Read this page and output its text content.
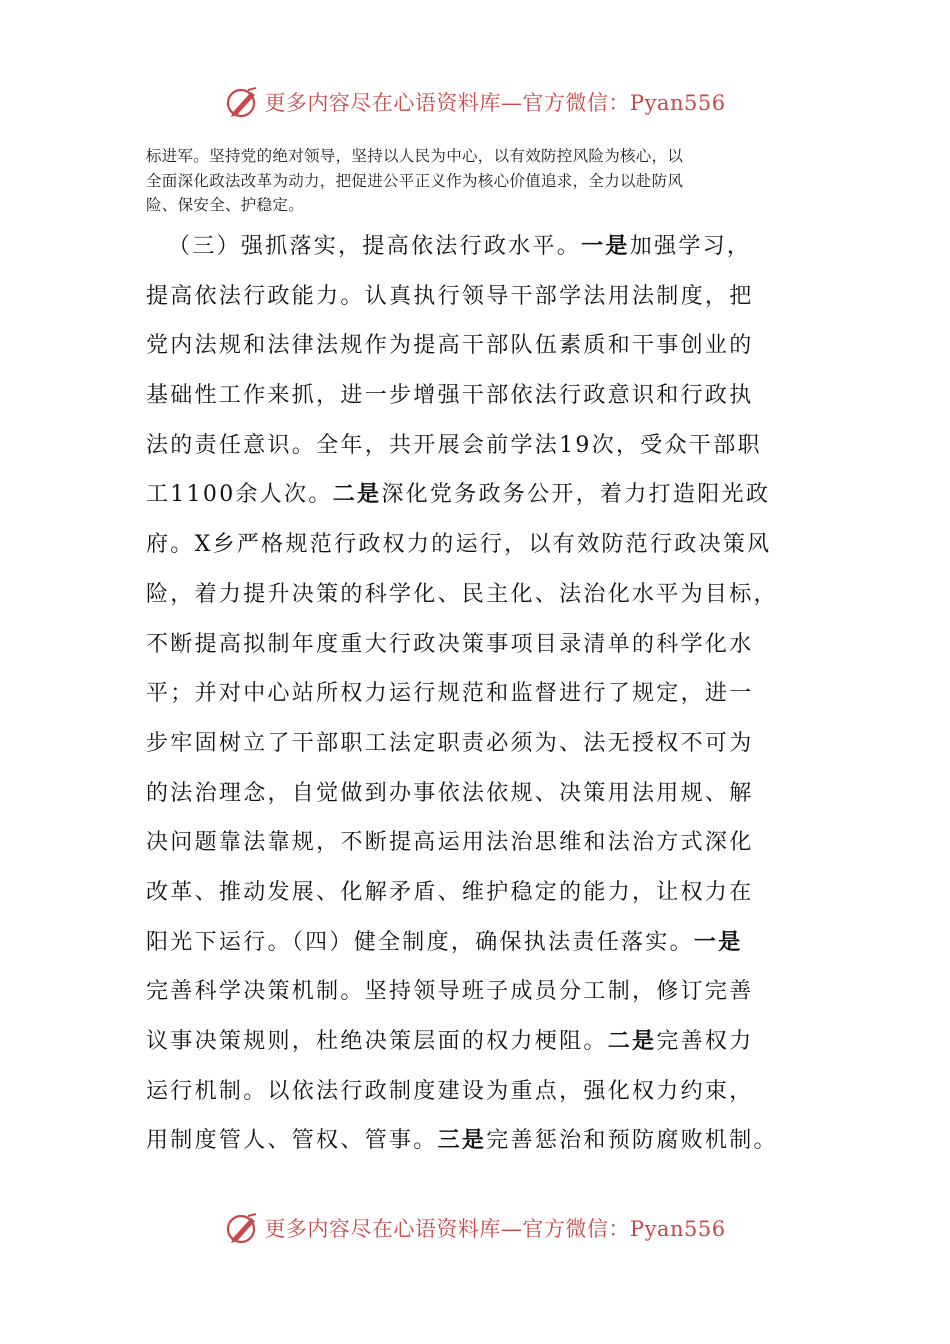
更多内容尽在心语资料库—官方微信：Pyan556
标进军。坚持党的绝对领导，坚持以人民为中心，以有效防控风险为核心，以
全面深化政法改革为动力，把促进公平正义作为核心价值追求，全力以赴防风
险、保安全、护稳定。
（三）强抓落实，提高依法行政水平。一是加强学习，
提高依法行政能力。认真执行领导干部学法用法制度，把
党内法规和法律法规作为提高干部队伍素质和干事创业的
基础性工作来抓，进一步增强干部依法行政意识和行政执
法的责任意识。全年，共开展会前学法19次，受众干部职
工1100余人次。二是深化党务政务公开，着力打造阳光政
府。X乡严格规范行政权力的运行，以有效防范行政决策风
险，着力提升决策的科学化、民主化、法治化水平为目标，
不断提高拟制年度重大行政决策事项目录清单的科学化水
平；并对中心站所权力运行规范和监督进行了规定，进一
步牢固树立了干部职工法定职责必须为、法无授权不可为
的法治理念，自觉做到办事依法依规、决策用法用规、解
决问题靠法靠规，不断提高运用法治思维和法治方式深化
改革、推动发展、化解矛盾、维护稳定的能力，让权力在
阳光下运行。（四）健全制度，确保执法责任落实。一是
完善科学决策机制。坚持领导班子成员分工制，修订完善
议事决策规则，杜绝决策层面的权力梗阻。二是完善权力
运行机制。以依法行政制度建设为重点，强化权力约束，
用制度管人、管权、管事。三是完善惩治和预防腐败机制。
更多内容尽在心语资料库—官方微信：Pyan556
